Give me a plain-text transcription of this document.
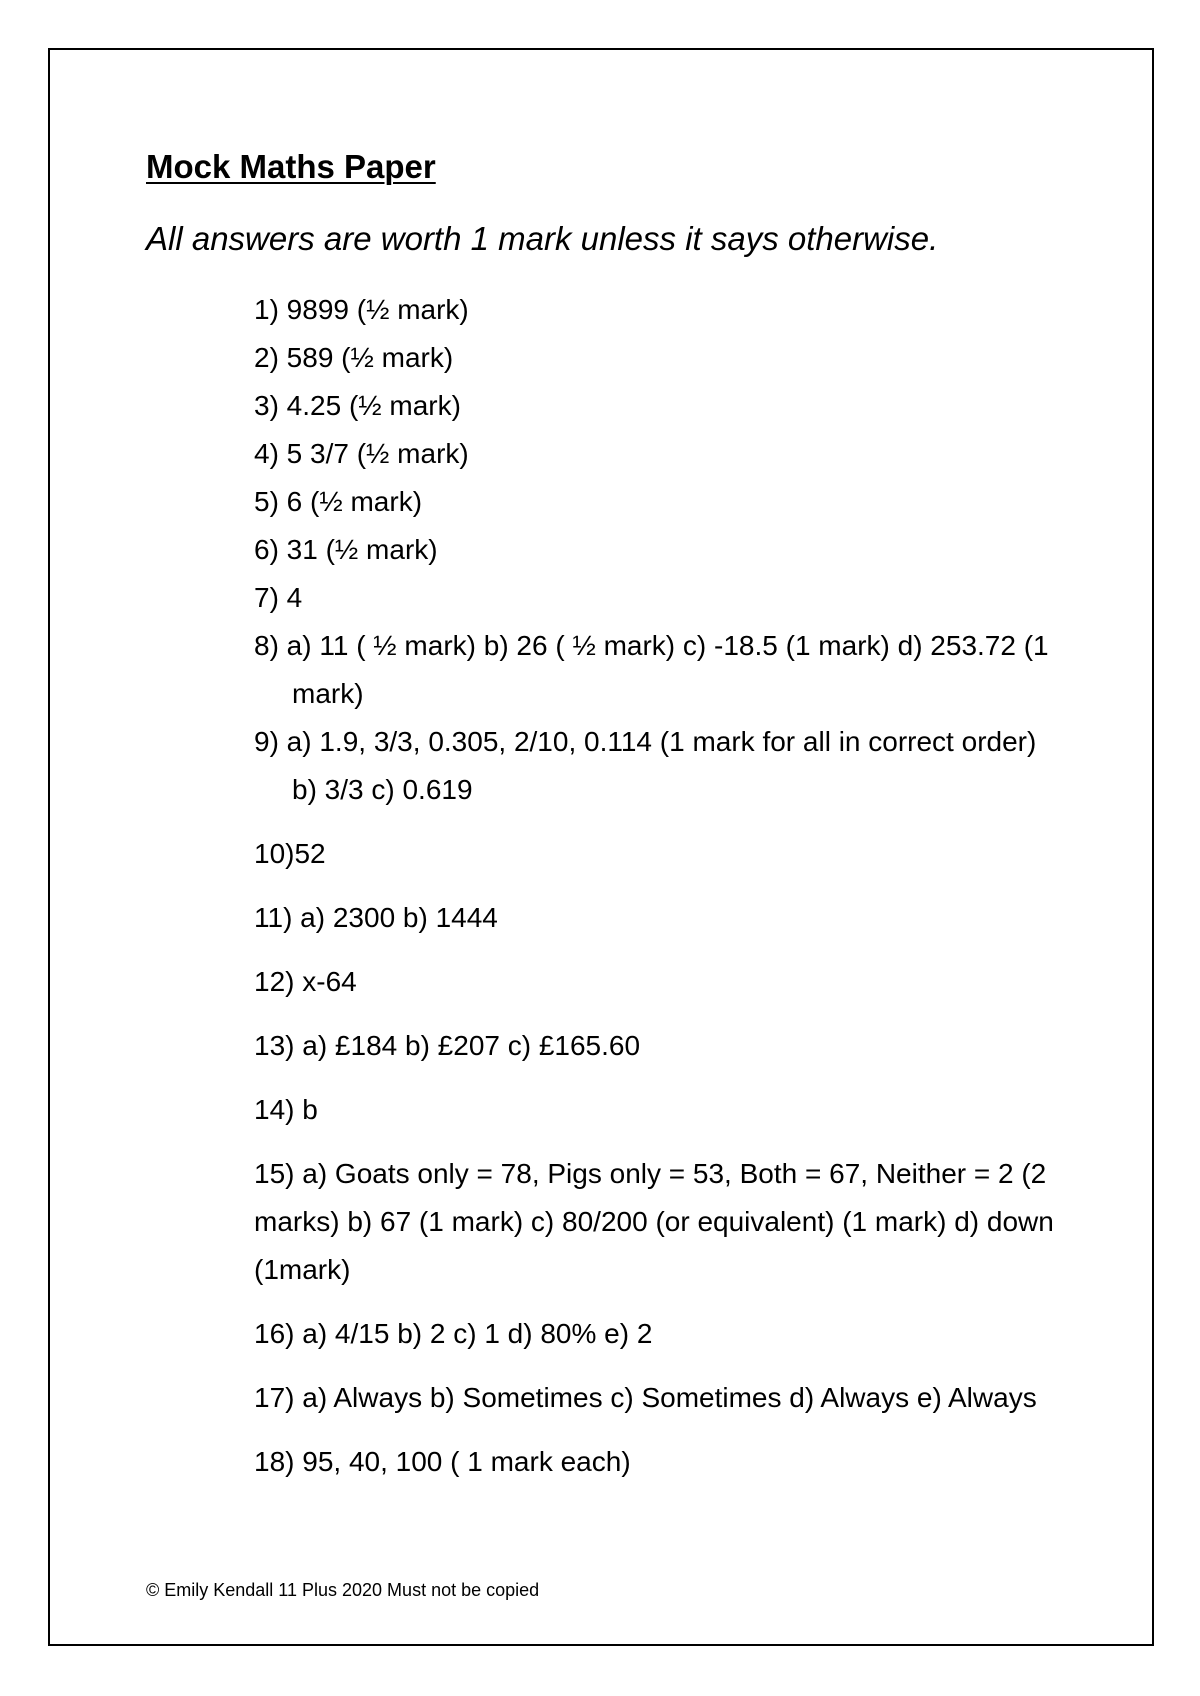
Mock Maths Paper
All answers are worth 1 mark unless it says otherwise.

1) 9899 (½ mark)

2) 589 (½ mark)

3) 4.25 (½ mark)

4) 5 3/7 (½ mark)

5) 6 (½ mark)

6) 31 (½ mark)

7) 4

8) a) 11 ( ½ mark) b) 26 ( ½ mark) c) -18.5 (1 mark) d) 253.72 (1 mark)

9) a) 1.9, 3/3, 0.305, 2/10, 0.114 (1 mark for all in correct order) b) 3/3 c) 0.619

10)52

11) a) 2300 b) 1444

12) x-64

13) a) £184 b) £207 c) £165.60

14) b

15) a) Goats only = 78, Pigs only = 53, Both = 67, Neither = 2 (2 marks) b) 67 (1 mark) c) 80/200 (or equivalent) (1 mark) d) down (1mark)

16) a) 4/15 b) 2 c) 1 d) 80% e) 2

17) a) Always b) Sometimes c) Sometimes d) Always e) Always

18) 95, 40, 100 ( 1 mark each)

© Emily Kendall 11 Plus 2020 Must not be copied
